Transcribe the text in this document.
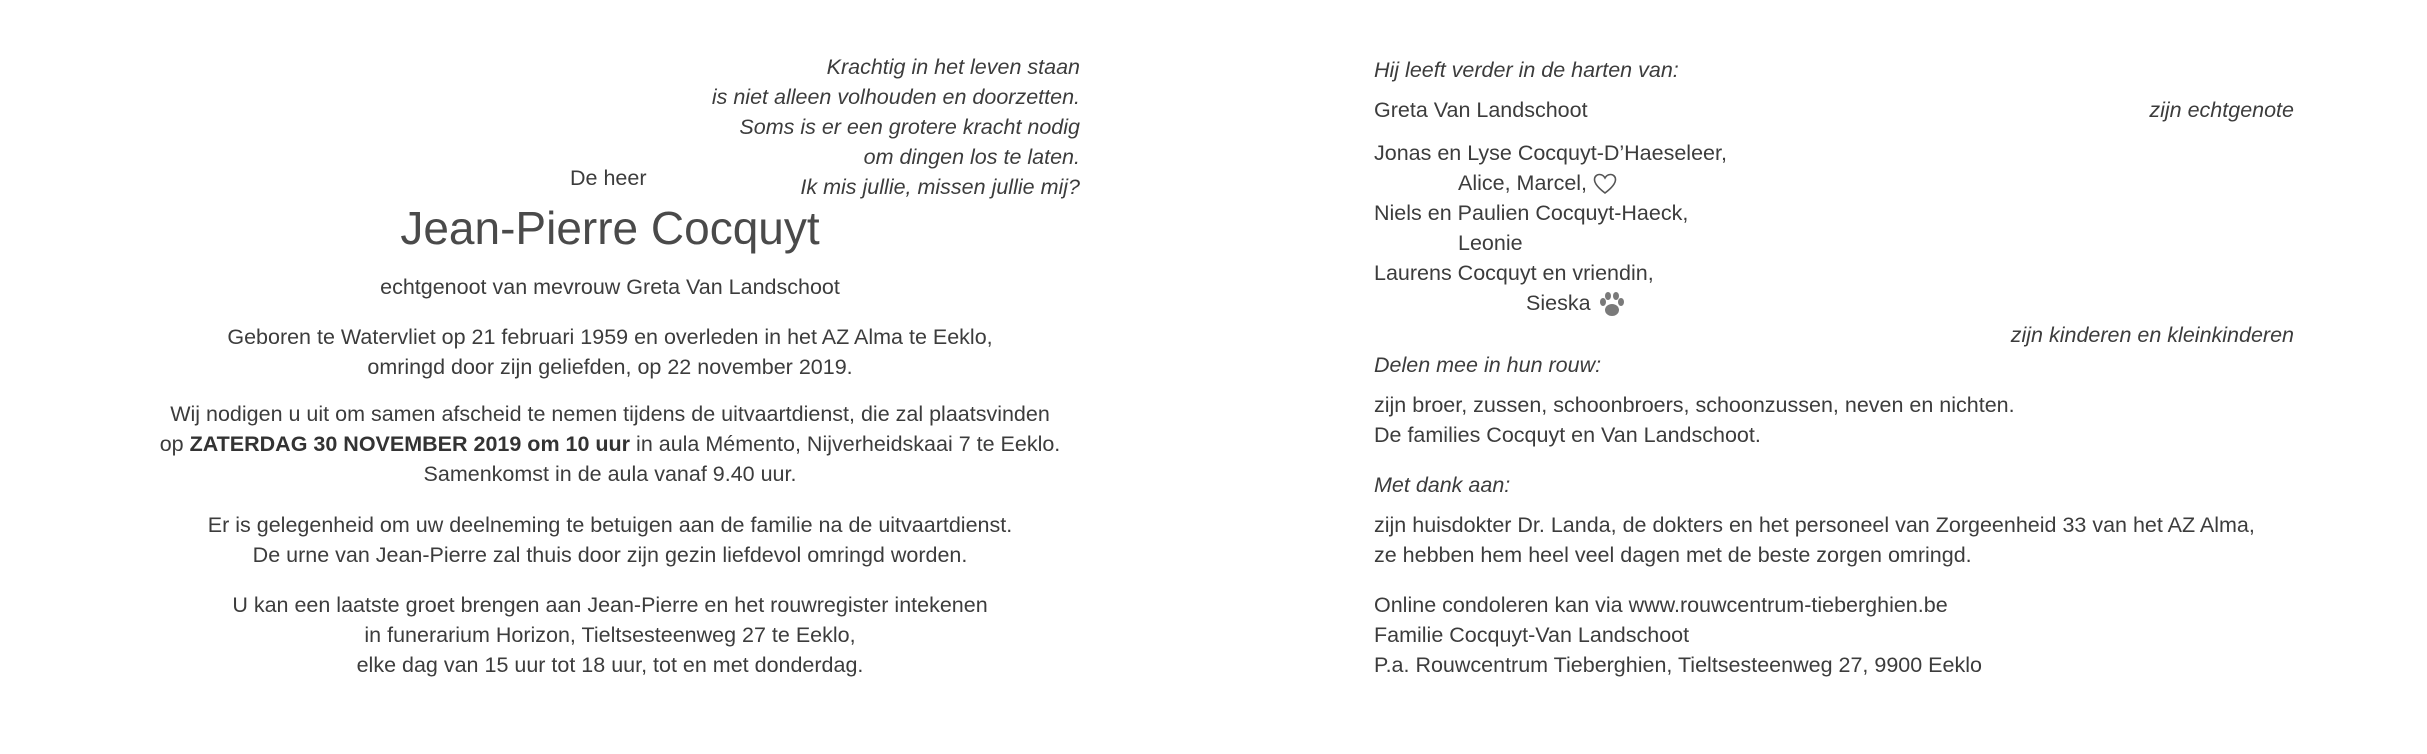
Krachtig in het leven staan
is niet alleen volhouden en doorzetten.
Soms is er een grotere kracht nodig
om dingen los te laten.
Ik mis jullie, missen jullie mij?
De heer
Jean-Pierre Cocquyt
echtgenoot van mevrouw Greta Van Landschoot
Geboren te Watervliet op 21 februari 1959 en overleden in het AZ Alma te Eeklo,
omringd door zijn geliefden, op 22 november 2019.
Wij nodigen u uit om samen afscheid te nemen tijdens de uitvaartdienst, die zal plaatsvinden
op ZATERDAG 30 NOVEMBER 2019 om 10 uur in aula Mémento, Nijverheidskaai 7 te Eeklo.
Samenkomst in de aula vanaf 9.40 uur.
Er is gelegenheid om uw deelneming te betuigen aan de familie na de uitvaartdienst.
De urne van Jean-Pierre zal thuis door zijn gezin liefdevol omringd worden.
U kan een laatste groet brengen aan Jean-Pierre en het rouwregister intekenen
in funerarium Horizon, Tieltsesteenweg 27 te Eeklo,
elke dag van 15 uur tot 18 uur, tot en met donderdag.
Hij leeft verder in de harten van:
Greta Van Landschoot	zijn echtgenote
Jonas en Lyse Cocquyt-D’Haeseleer,
Alice, Marcel,
Niels en Paulien Cocquyt-Haeck,
Leonie
Laurens Cocquyt en vriendin,
Sieska
zijn kinderen en kleinkinderen
Delen mee in hun rouw:
zijn broer, zussen, schoonbroers, schoonzussen, neven en nichten.
De families Cocquyt en Van Landschoot.
Met dank aan:
zijn huisdokter Dr. Landa, de dokters en het personeel van Zorgeenheid 33 van het AZ Alma,
ze hebben hem heel veel dagen met de beste zorgen omringd.
Online condoleren kan via www.rouwcentrum-tieberghien.be
Familie Cocquyt-Van Landschoot
P.a. Rouwcentrum Tieberghien, Tieltsesteenweg 27, 9900 Eeklo
